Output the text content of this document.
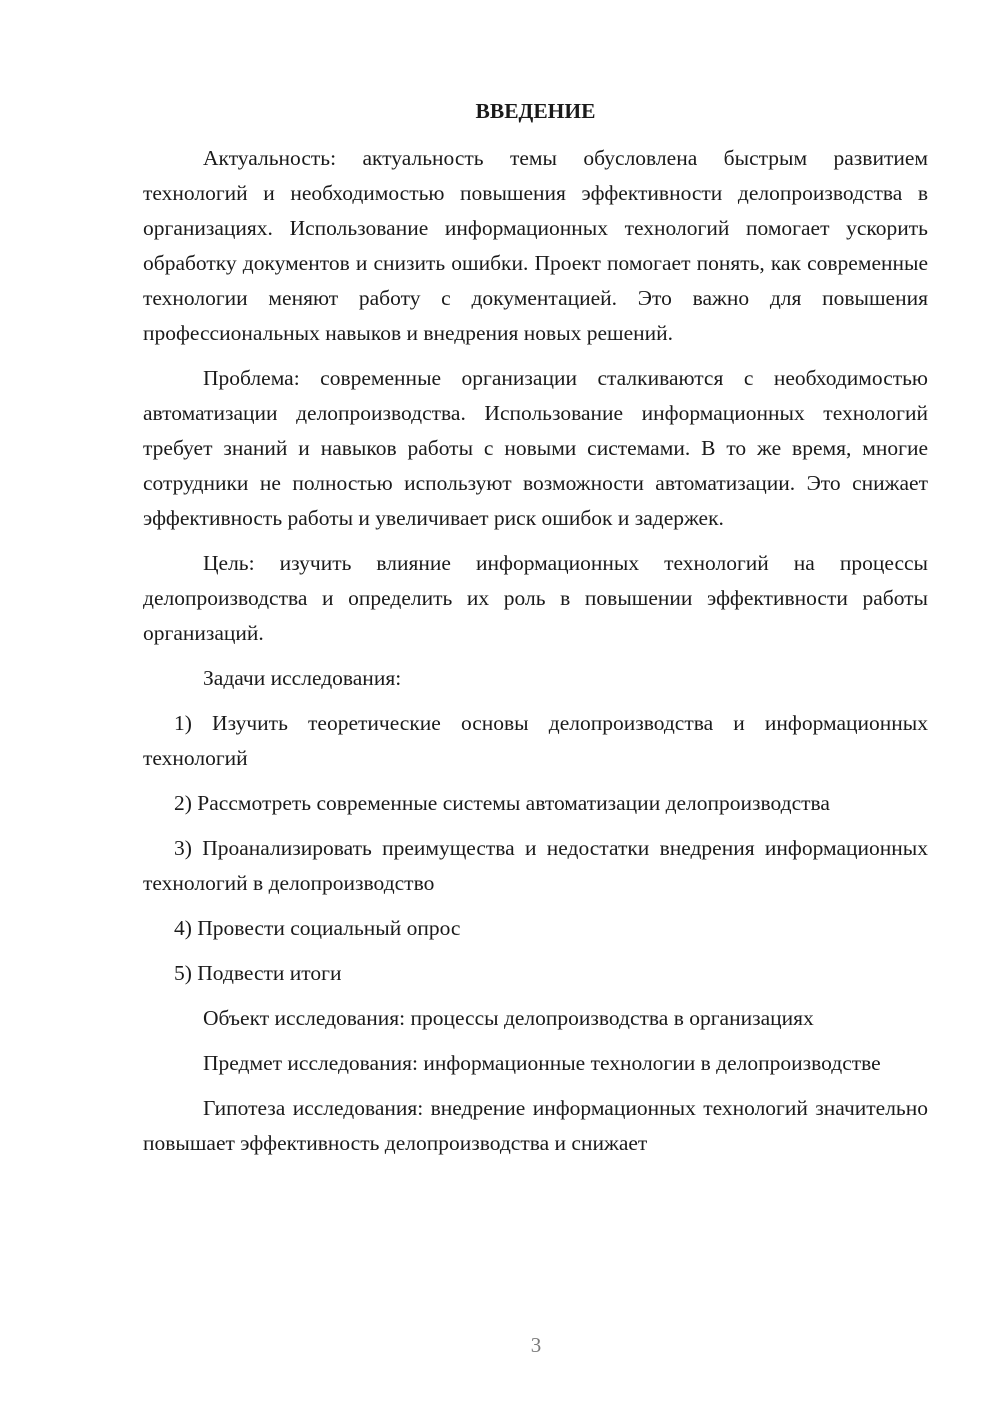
ВВЕДЕНИЕ

Актуальность: актуальность темы обусловлена быстрым развитием технологий и необходимостью повышения эффективности делопроизводства в организациях. Использование информационных технологий помогает ускорить обработку документов и снизить ошибки. Проект помогает понять, как современные технологии меняют работу с документацией. Это важно для повышения профессиональных навыков и внедрения новых решений.

Проблема: современные организации сталкиваются с необходимостью автоматизации делопроизводства. Использование информационных технологий требует знаний и навыков работы с новыми системами. В то же время, многие сотрудники не полностью используют возможности автоматизации. Это снижает эффективность работы и увеличивает риск ошибок и задержек.

Цель: изучить влияние информационных технологий на процессы делопроизводства и определить их роль в повышении эффективности работы организаций.

Задачи исследования:

1) Изучить теоретические основы делопроизводства и информационных технологий

2) Рассмотреть современные системы автоматизации делопроизводства

3) Проанализировать преимущества и недостатки внедрения информационных технологий в делопроизводство

4) Провести социальный опрос

5) Подвести итоги

Объект исследования: процессы делопроизводства в организациях

Предмет исследования: информационные технологии в делопроизводстве

Гипотеза исследования: внедрение информационных технологий значительно повышает эффективность делопроизводства и снижает

3
